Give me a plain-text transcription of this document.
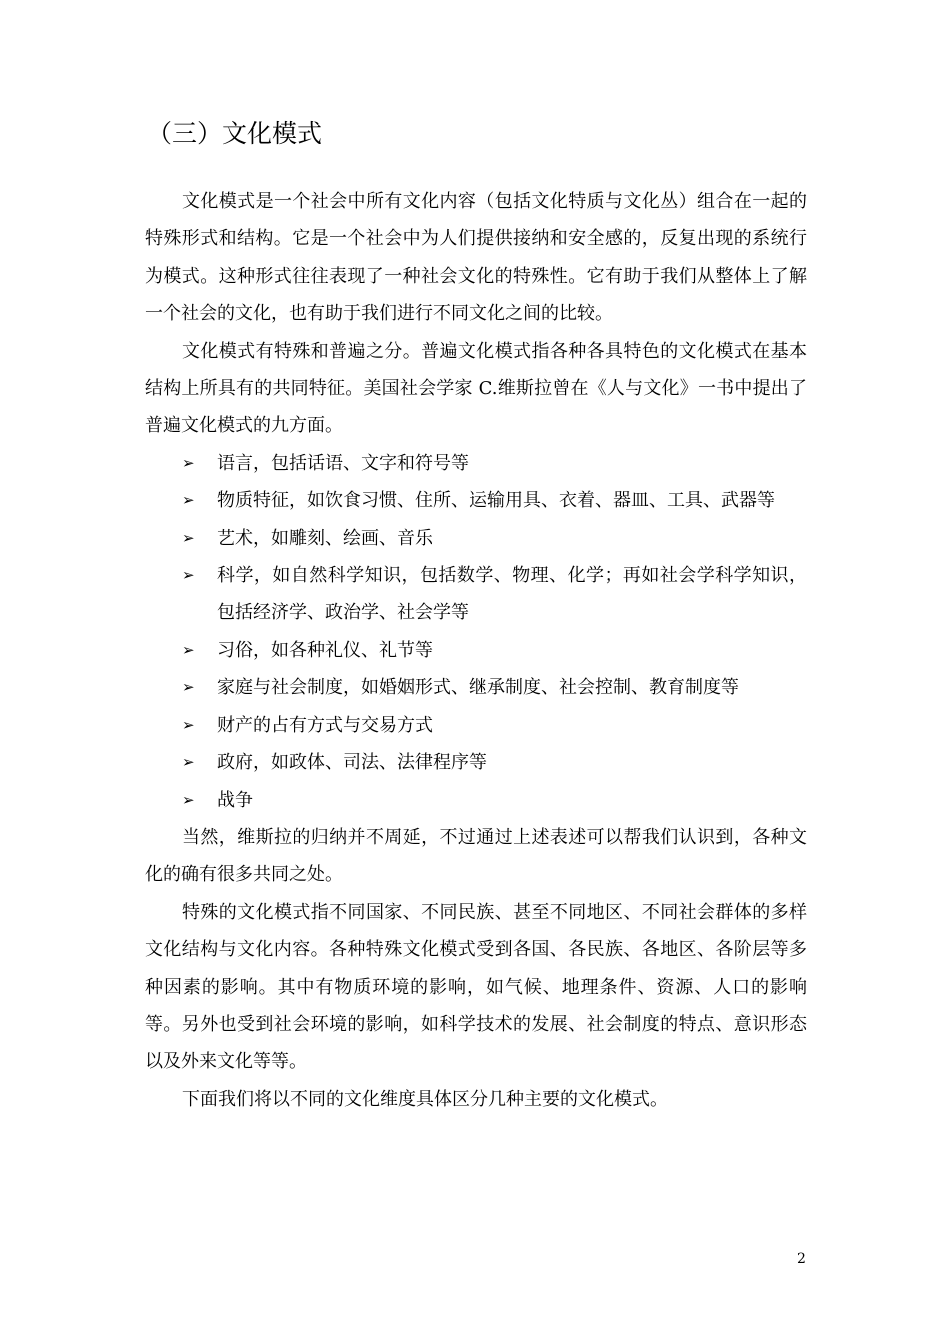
（三）文化模式

文化模式是一个社会中所有文化内容（包括文化特质与文化丛）组合在一起的特殊形式和结构。它是一个社会中为人们提供接纳和安全感的，反复出现的系统行为模式。这种形式往往表现了一种社会文化的特殊性。它有助于我们从整体上了解一个社会的文化，也有助于我们进行不同文化之间的比较。

文化模式有特殊和普遍之分。普遍文化模式指各种各具特色的文化模式在基本结构上所具有的共同特征。美国社会学家 C.维斯拉曾在《人与文化》一书中提出了普遍文化模式的九方面。

➢ 语言，包括话语、文字和符号等
➢ 物质特征，如饮食习惯、住所、运输用具、衣着、器皿、工具、武器等
➢ 艺术，如雕刻、绘画、音乐
➢ 科学，如自然科学知识，包括数学、物理、化学；再如社会学科学知识，包括经济学、政治学、社会学等
➢ 习俗，如各种礼仪、礼节等
➢ 家庭与社会制度，如婚姻形式、继承制度、社会控制、教育制度等
➢ 财产的占有方式与交易方式
➢ 政府，如政体、司法、法律程序等
➢ 战争

当然，维斯拉的归纳并不周延，不过通过上述表述可以帮我们认识到，各种文化的确有很多共同之处。

特殊的文化模式指不同国家、不同民族、甚至不同地区、不同社会群体的多样文化结构与文化内容。各种特殊文化模式受到各国、各民族、各地区、各阶层等多种因素的影响。其中有物质环境的影响，如气候、地理条件、资源、人口的影响等。另外也受到社会环境的影响，如科学技术的发展、社会制度的特点、意识形态以及外来文化等等。

下面我们将以不同的文化维度具体区分几种主要的文化模式。

2
